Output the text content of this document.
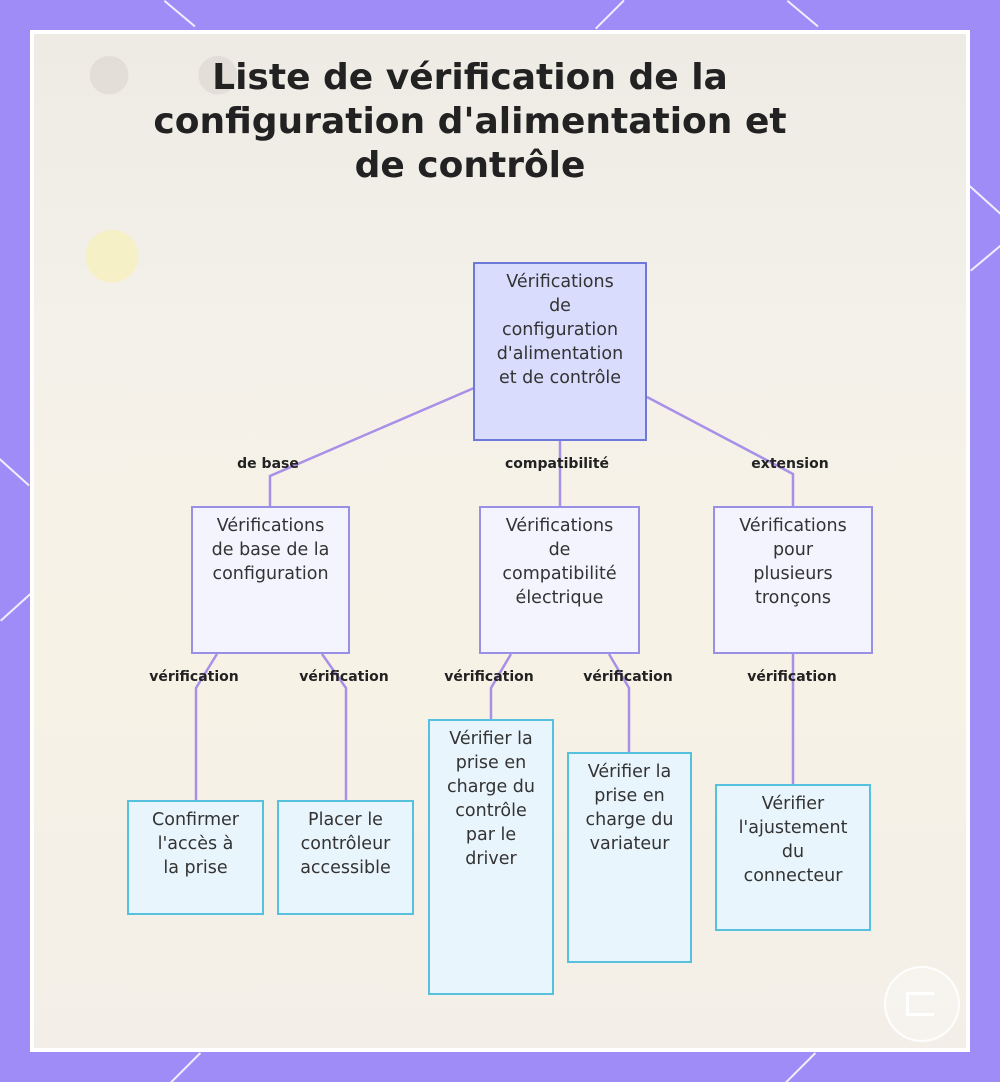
• •
•
Liste de vérification de la configuration d'alimentation et de contrôle
Vérifications de configuration d'alimentation et de contrôle
Vérifications de base de la configuration
Vérifications de compatibilité électrique
Vérifications pour plusieurs tronçons
Confirmer l'accès à la prise
Placer le contrôleur accessible
Vérifier la prise en charge du contrôle par le driver
Vérifier la prise en charge du variateur
Vérifier l'ajustement du connecteur
de base	compatibilité	extension
vérification	vérification	vérification	vérification	vérification
